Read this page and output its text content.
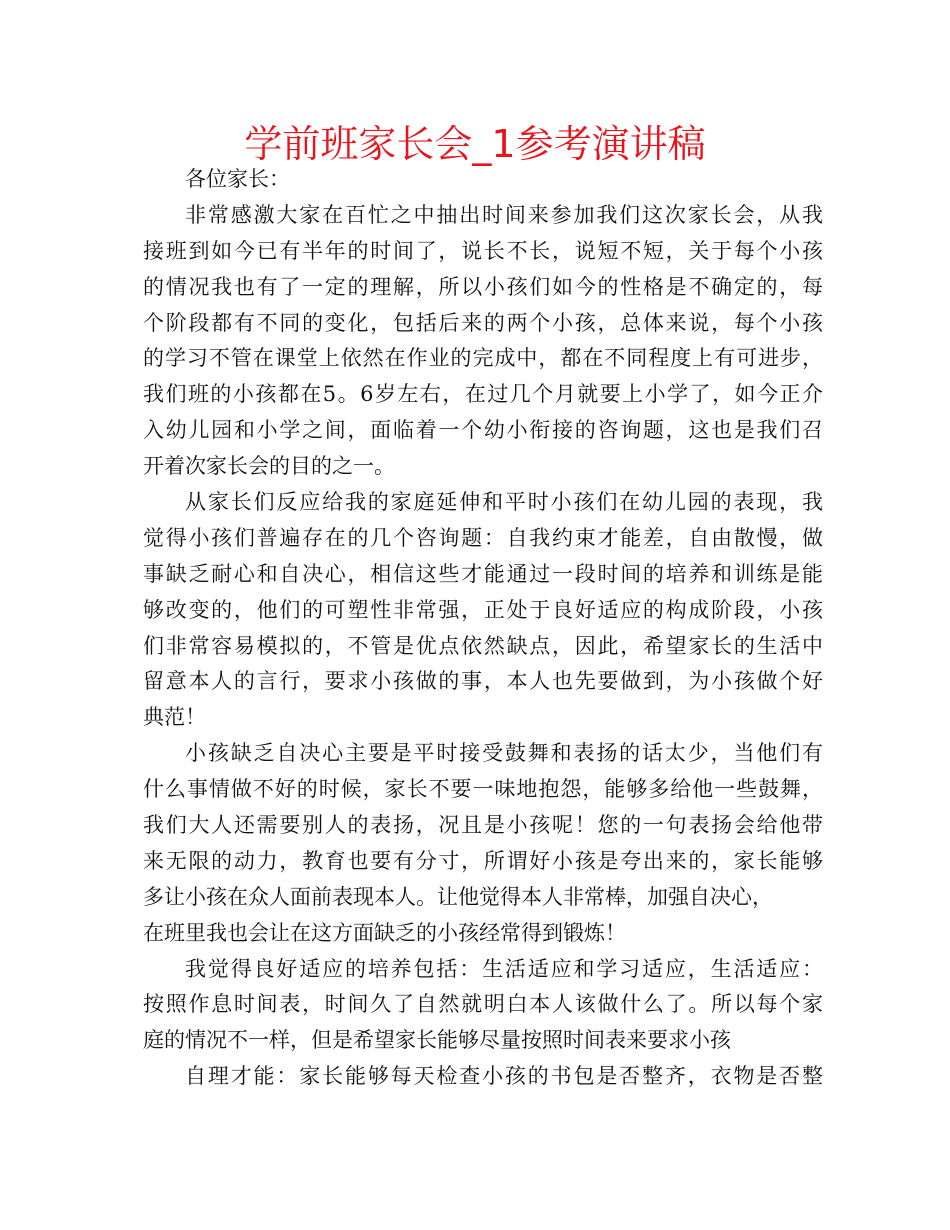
学前班家长会_1参考演讲稿
各位家长：
非常感激大家在百忙之中抽出时间来参加我们这次家长会，从我
接班到如今已有半年的时间了，说长不长，说短不短，关于每个小孩
的情况我也有了一定的理解，所以小孩们如今的性格是不确定的，每
个阶段都有不同的变化，包括后来的两个小孩，总体来说，每个小孩
的学习不管在课堂上依然在作业的完成中，都在不同程度上有可进步，
我们班的小孩都在5。6岁左右，在过几个月就要上小学了，如今正介
入幼儿园和小学之间，面临着一个幼小衔接的咨询题，这也是我们召
开着次家长会的目的之一。
从家长们反应给我的家庭延伸和平时小孩们在幼儿园的表现，我
觉得小孩们普遍存在的几个咨询题：自我约束才能差，自由散慢，做
事缺乏耐心和自决心，相信这些才能通过一段时间的培养和训练是能
够改变的，他们的可塑性非常强，正处于良好适应的构成阶段，小孩
们非常容易模拟的，不管是优点依然缺点，因此，希望家长的生活中
留意本人的言行，要求小孩做的事，本人也先要做到，为小孩做个好
典范！
小孩缺乏自决心主要是平时接受鼓舞和表扬的话太少，当他们有
什么事情做不好的时候，家长不要一味地抱怨，能够多给他一些鼓舞，
我们大人还需要别人的表扬，况且是小孩呢！您的一句表扬会给他带
来无限的动力，教育也要有分寸，所谓好小孩是夸出来的，家长能够
多让小孩在众人面前表现本人。让他觉得本人非常棒，加强自决心，
在班里我也会让在这方面缺乏的小孩经常得到锻炼！
我觉得良好适应的培养包括：生活适应和学习适应，生活适应：
按照作息时间表，时间久了自然就明白本人该做什么了。所以每个家
庭的情况不一样，但是希望家长能够尽量按照时间表来要求小孩
自理才能：家长能够每天检查小孩的书包是否整齐，衣物是否整
